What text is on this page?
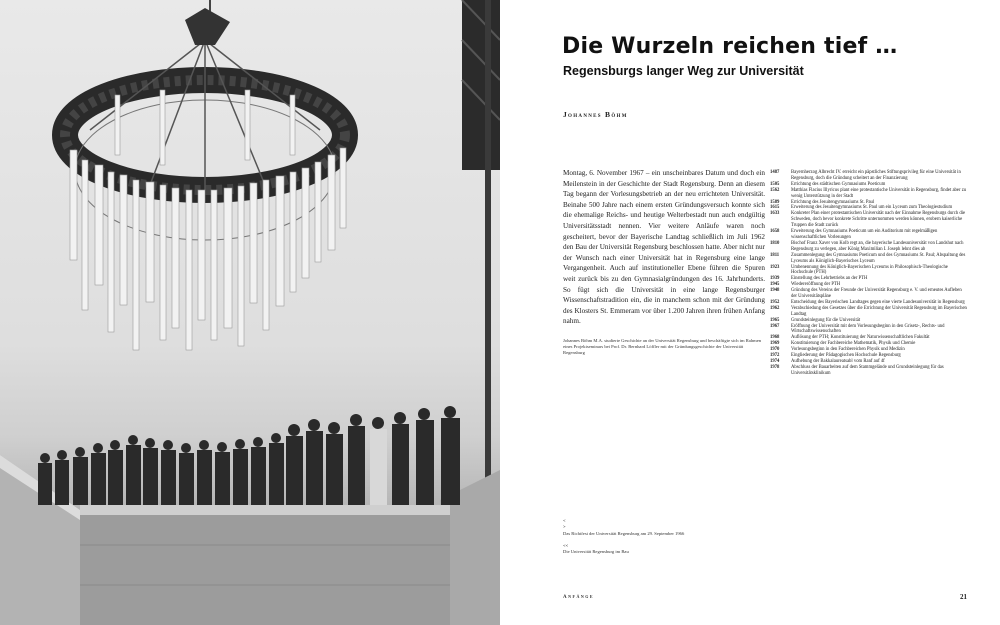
Die Wurzeln reichen tief …
Regensburgs langer Weg zur Universität
Johannes Böhm
Montag, 6. November 1967 – ein unscheinbares Datum und doch ein Meilenstein in der Geschichte der Stadt Regensburg. Denn an diesem Tag begann der Vorlesungsbetrieb an der neu errichteten Universität. Beinahe 500 Jahre nach einem ersten Gründungsversuch konnte sich die ehemalige Reichs- und heutige Welterbestadt nun auch endgültig Universitätsstadt nennen. Vier weitere Anläufe waren noch gescheitert, bevor der Bayerische Landtag schließlich im Juli 1962 den Bau der Universität Regensburg beschlossen hatte. Aber nicht nur der Wunsch nach einer Universität hat in Regensburg eine lange Vergangenheit. Auch auf institutioneller Ebene führen die Spuren weit zurück bis zu den Gymnasialgründungen des 16. Jahrhunderts. So fügt sich die Universität in eine lange Regensburger Wissenschaftstradition ein, die in manchem schon mit der Gründung des Klosters St. Emmeram vor über 1.200 Jahren ihren frühen Anfang nahm.
Johannes Böhm M.A. studierte Geschichte an der Universität Regensburg und beschäftigte sich im Rahmen eines Projektseminars bei Prof. Dr. Bernhard Löffler mit der Gründungsgeschichte der Universität Regensburg
1487	Bayernherzog Albrecht IV. erreicht ein päpstliches Stiftungsprivileg für eine Universität in Regensburg, doch die Gründung scheitert an der Finanzierung
1505	Errichtung des städtischen Gymnasiums Poeticum
1562	Matthias Flacius Illyricus plant eine protestantische Universität in Regensburg, findet aber zu wenig Unterstützung in der Stadt
1589	Errichtung des Jesuitengymnasiums St. Paul
1615	Erweiterung des Jesuitengymnasiums St. Paul um ein Lyceum zum Theologiestudium
1633	Konkreter Plan einer protestantischen Universität nach der Einnahme Regensburgs durch die Schweden, doch bevor konkrete Schritte unternommen werden können, erobern kaiserliche Truppen die Stadt zurück
1658	Erweiterung des Gymnasiums Poeticum um ein Auditorium mit regelmäßigen wissenschaftlichen Vorlesungen
1810	Bischof Franz Xaver von Kolb regt an, die bayerische Landesuniversität von Landshut nach Regensburg zu verlegen, aber König Maximilian I. Joseph lehnt dies ab
1811	Zusammenlegung des Gymnasiums Poeticum und des Gymnasiums St. Paul; Abspaltung des Lyceums als Königlich-Bayerisches Lyceum
1923	Umbenennung des Königlich-Bayerischen Lyceums in Philosophisch-Theologische Hochschule (PTH)
1939	Einstellung des Lehrbetriebs an der PTH
1945	Wiedereröffnung der PTH
1948	Gründung des Vereins der Freunde der Universität Regensburg e. V. und erneutes Aufleben der Universitätspläne
1952	Entscheidung des Bayerischen Landtages gegen eine vierte Landesuniversität in Regensburg
1962	Verabschiedung des Gesetzes über die Errichtung der Universität Regensburg im Bayerischen Landtag
1965	Grundsteinlegung für die Universität
1967	Eröffnung der Universität mit dem Vorlesungsbeginn in den Grisetz-, Rechts- und Wirtschaftswissenschaften
1968	Auflösung der PTH; Konstituierung der Naturwissenschaftlichen Fakultät
1969	Konstituierung der Fachbereiche Mathematik, Physik und Chemie
1970	Vorlesungsbeginn in den Fachbereichen Physik und Medizin
1972	Eingliederung der Pädagogischen Hochschule Regensburg
1974	Aufhebung der Bakkalaureatsabl vom Ranf auf 4f
1978	Abschluss der Bauarbeiten auf dem Stammgelände und Grundsteinlegung für das Universitätsklinikum
<
>
Das Richtfest der Universität Regensburg am 29. September 1966
<<
Die Universität Regensburg im Bau
Anfänge	21
